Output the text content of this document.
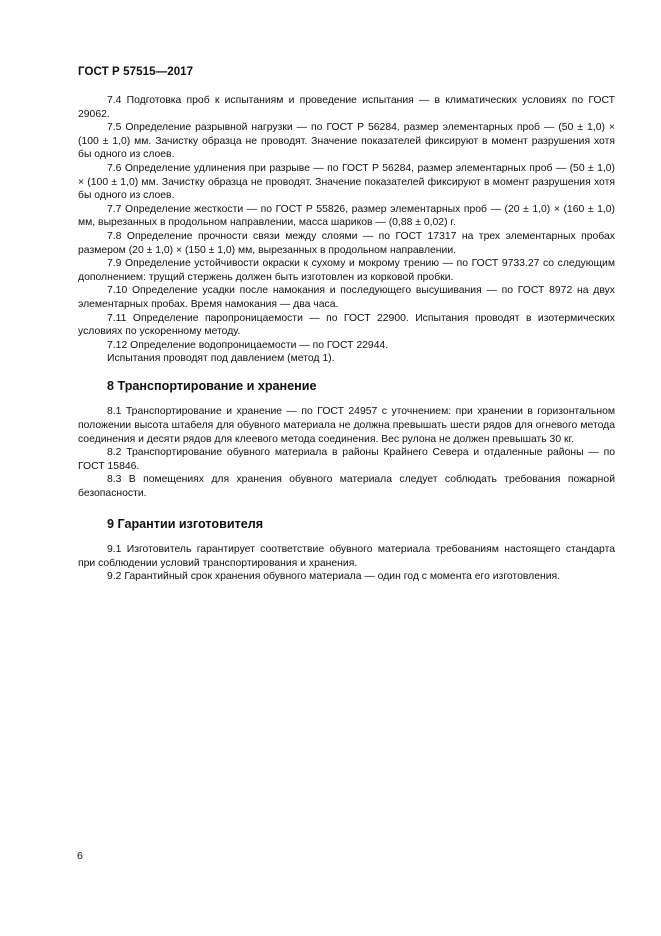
ГОСТ Р 57515—2017

7.4 Подготовка проб к испытаниям и проведение испытания — в климатических условиях по ГОСТ 29062.

7.5 Определение разрывной нагрузки — по ГОСТ Р 56284, размер элементарных проб — (50 ± 1,0) × (100 ± 1,0) мм. Зачистку образца не проводят. Значение показателей фиксируют в момент разрушения хотя бы одного из слоев.

7.6 Определение удлинения при разрыве — по ГОСТ Р 56284, размер элементарных проб — (50 ± 1,0) × (100 ± 1,0) мм. Зачистку образца не проводят. Значение показателей фиксируют в момент разрушения хотя бы одного из слоев.

7.7 Определение жесткости — по ГОСТ Р 55826, размер элементарных проб — (20 ± 1,0) × (160 ± 1,0) мм, вырезанных в продольном направлении, масса шариков — (0,88 ± 0,02) г.

7.8 Определение прочности связи между слоями — по ГОСТ 17317 на трех элементарных пробах размером (20 ± 1,0) × (150 ± 1,0) мм, вырезанных в продольном направлении.

7.9 Определение устойчивости окраски к сухому и мокрому трению — по ГОСТ 9733.27 со следующим дополнением: трущий стержень должен быть изготовлен из корковой пробки.

7.10 Определение усадки после намокания и последующего высушивания — по ГОСТ 8972 на двух элементарных пробах. Время намокания — два часа.

7.11 Определение паропроницаемости — по ГОСТ 22900. Испытания проводят в изотермических условиях по ускоренному методу.

7.12 Определение водопроницаемости — по ГОСТ 22944.

Испытания проводят под давлением (метод 1).

8 Транспортирование и хранение

8.1 Транспортирование и хранение — по ГОСТ 24957 с уточнением: при хранении в горизонтальном положении высота штабеля для обувного материала не должна превышать шести рядов для огневого метода соединения и десяти рядов для клеевого метода соединения. Вес рулона не должен превышать 30 кг.

8.2 Транспортирование обувного материала в районы Крайнего Севера и отдаленные районы — по ГОСТ 15846.

8.3 В помещениях для хранения обувного материала следует соблюдать требования пожарной безопасности.

9 Гарантии изготовителя

9.1 Изготовитель гарантирует соответствие обувного материала требованиям настоящего стандарта при соблюдении условий транспортирования и хранения.

9.2 Гарантийный срок хранения обувного материала — один год с момента его изготовления.

6
